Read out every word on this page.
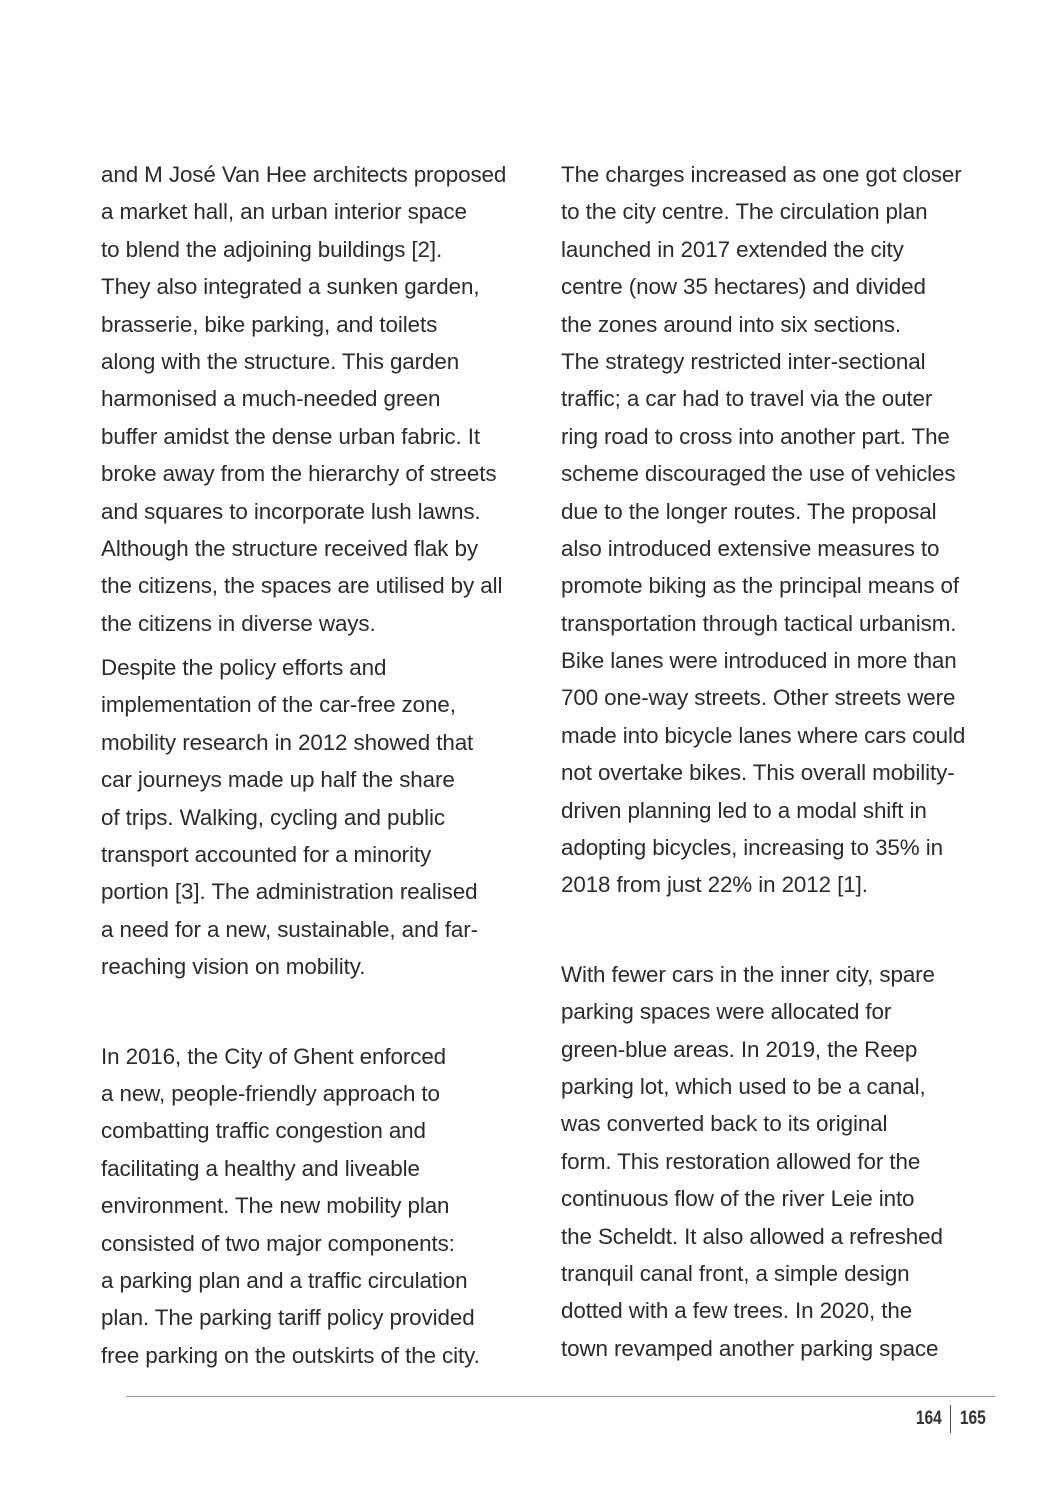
and M José Van Hee architects proposed
a market hall, an urban interior space
to blend the adjoining buildings [2].
They also integrated a sunken garden,
brasserie, bike parking, and toilets
along with the structure. This garden
harmonised a much-needed green
buffer amidst the dense urban fabric. It
broke away from the hierarchy of streets
and squares to incorporate lush lawns.
Although the structure received flak by
the citizens, the spaces are utilised by all
the citizens in diverse ways.
Despite the policy efforts and
implementation of the car-free zone,
mobility research in 2012 showed that
car journeys made up half the share
of trips. Walking, cycling and public
transport accounted for a minority
portion [3]. The administration realised
a need for a new, sustainable, and far-
reaching vision on mobility.
In 2016, the City of Ghent enforced
a new, people-friendly approach to
combatting traffic congestion and
facilitating a healthy and liveable
environment. The new mobility plan
consisted of two major components:
a parking plan and a traffic circulation
plan. The parking tariff policy provided
free parking on the outskirts of the city.
The charges increased as one got closer
to the city centre. The circulation plan
launched in 2017 extended the city
centre (now 35 hectares) and divided
the zones around into six sections.
The strategy restricted inter-sectional
traffic; a car had to travel via the outer
ring road to cross into another part. The
scheme discouraged the use of vehicles
due to the longer routes. The proposal
also introduced extensive measures to
promote biking as the principal means of
transportation through tactical urbanism.
Bike lanes were introduced in more than
700 one-way streets. Other streets were
made into bicycle lanes where cars could
not overtake bikes. This overall mobility-
driven planning led to a modal shift in
adopting bicycles, increasing to 35% in
2018 from just 22% in 2012 [1].
With fewer cars in the inner city, spare
parking spaces were allocated for
green-blue areas. In 2019, the Reep
parking lot, which used to be a canal,
was converted back to its original
form. This restoration allowed for the
continuous flow of the river Leie into
the Scheldt. It also allowed a refreshed
tranquil canal front, a simple design
dotted with a few trees. In 2020, the
town revamped another parking space
164 165
